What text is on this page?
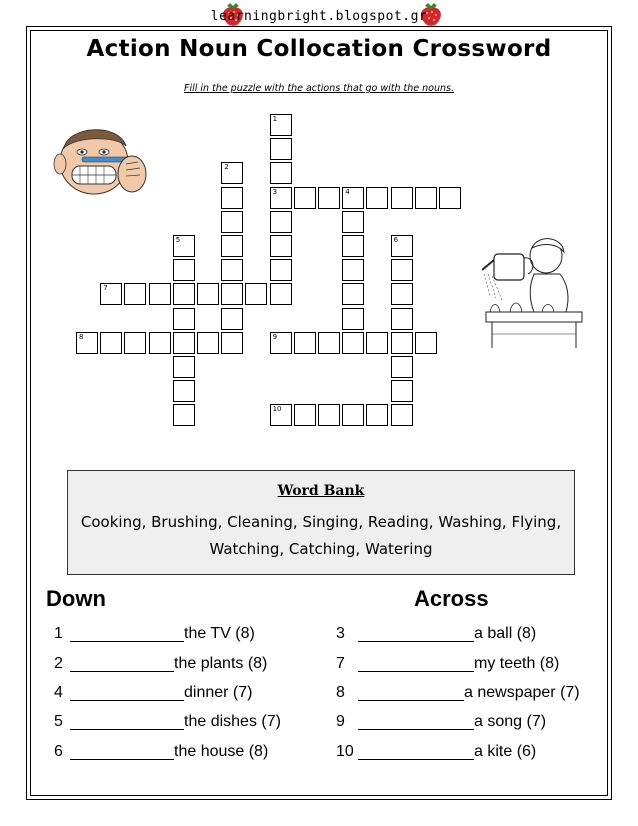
learningbright.blogspot.gr
Action Noun Collocation Crossword
Fill in the puzzle with the actions that go with the nouns.
1
3
2
4
5	6
7
8	9
10
Word Bank
Cooking, Brushing, Cleaning, Singing, Reading, Washing, Flying,
Watching, Catching, Watering
Down	Across
1	the TV (8)
2	the plants (8)
4	dinner (7)
5	the dishes (7)
6	the house (8)
3	a ball (8)
7	my teeth (8)
8	a newspaper (7)
9	a song (7)
10	a kite (6)
